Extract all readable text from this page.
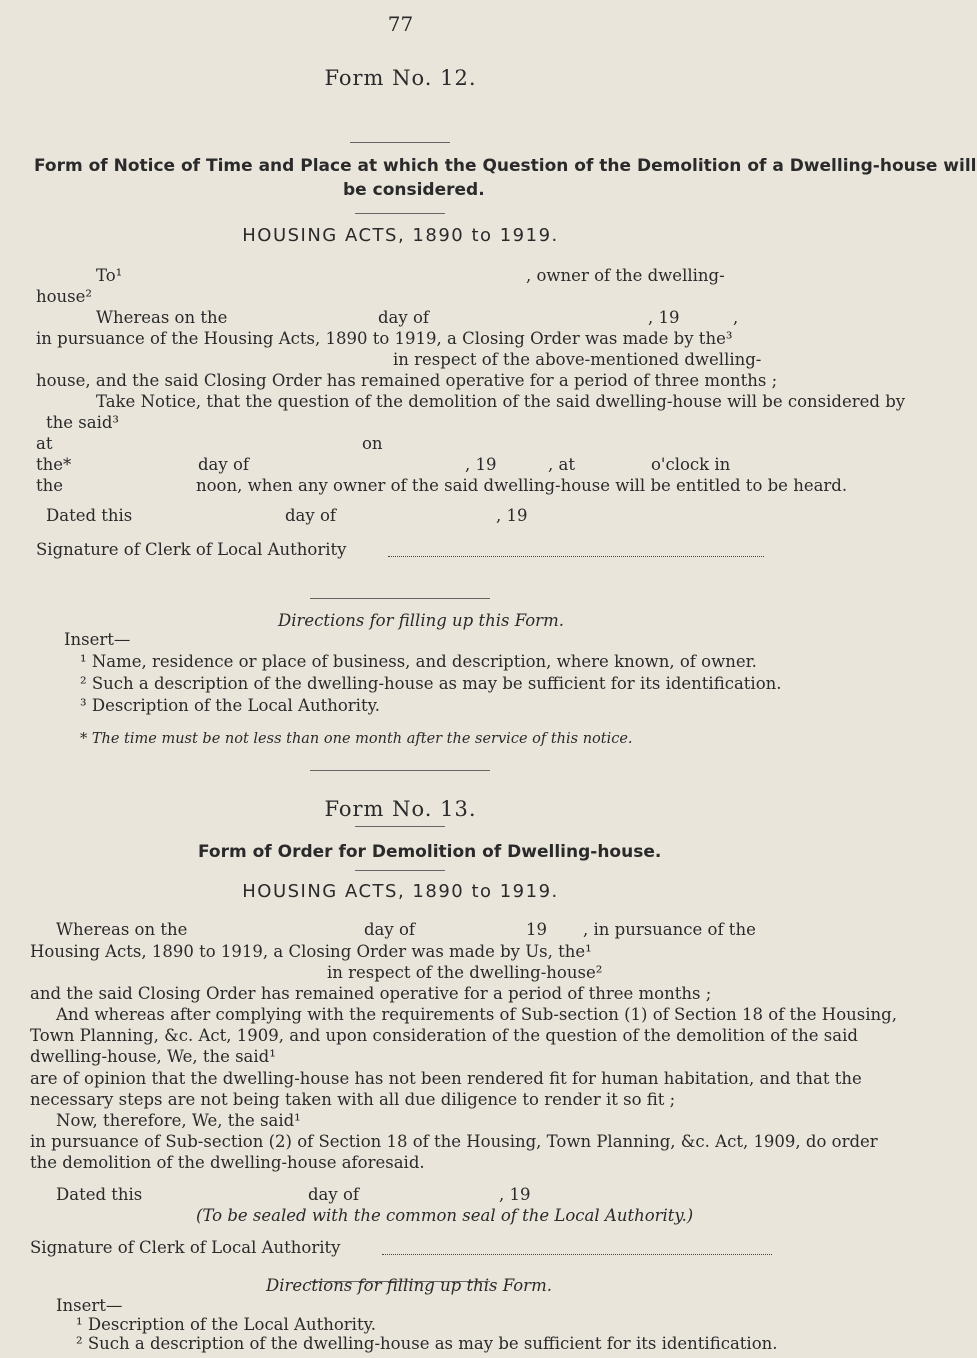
77
Form No. 12.
Form of Notice of Time and Place at which the Question of the Demolition of a Dwelling-house will
be considered.
HOUSING ACTS, 1890 to 1919.
To¹	, owner of the dwelling-
house²
Whereas on the	day of	, 19	,
in pursuance of the Housing Acts, 1890 to 1919, a Closing Order was made by the³
in respect of the above-mentioned dwelling-
house, and the said Closing Order has remained operative for a period of three months ;
Take Notice, that the question of the demolition of the said dwelling-house will be considered by
the said³
at	on
the*	day of	, 19	, at	o'clock in
the	noon, when any owner of the said dwelling-house will be entitled to be heard.
Dated this	day of	, 19
Signature of Clerk of Local Authority
Directions for filling up this Form.
Insert—
¹ Name, residence or place of business, and description, where known, of owner.
² Such a description of the dwelling-house as may be sufficient for its identification.
³ Description of the Local Authority.
* The time must be not less than one month after the service of this notice.
Form No. 13.
Form of Order for Demolition of Dwelling-house.
HOUSING ACTS, 1890 to 1919.
Whereas on the	day of	19 , in pursuance of the
Housing Acts, 1890 to 1919, a Closing Order was made by Us, the¹
in respect of the dwelling-house²
and the said Closing Order has remained operative for a period of three months ;
And whereas after complying with the requirements of Sub-section (1) of Section 18 of the Housing,
Town Planning, &c. Act, 1909, and upon consideration of the question of the demolition of the said
dwelling-house, We, the said¹
are of opinion that the dwelling-house has not been rendered fit for human habitation, and that the
necessary steps are not being taken with all due diligence to render it so fit ;
Now, therefore, We, the said¹
in pursuance of Sub-section (2) of Section 18 of the Housing, Town Planning, &c. Act, 1909, do order
the demolition of the dwelling-house aforesaid.
Dated this	day of	, 19
(To be sealed with the common seal of the Local Authority.)
Signature of Clerk of Local Authority
Directions for filling up this Form.
Insert—
¹ Description of the Local Authority.
² Such a description of the dwelling-house as may be sufficient for its identification.
